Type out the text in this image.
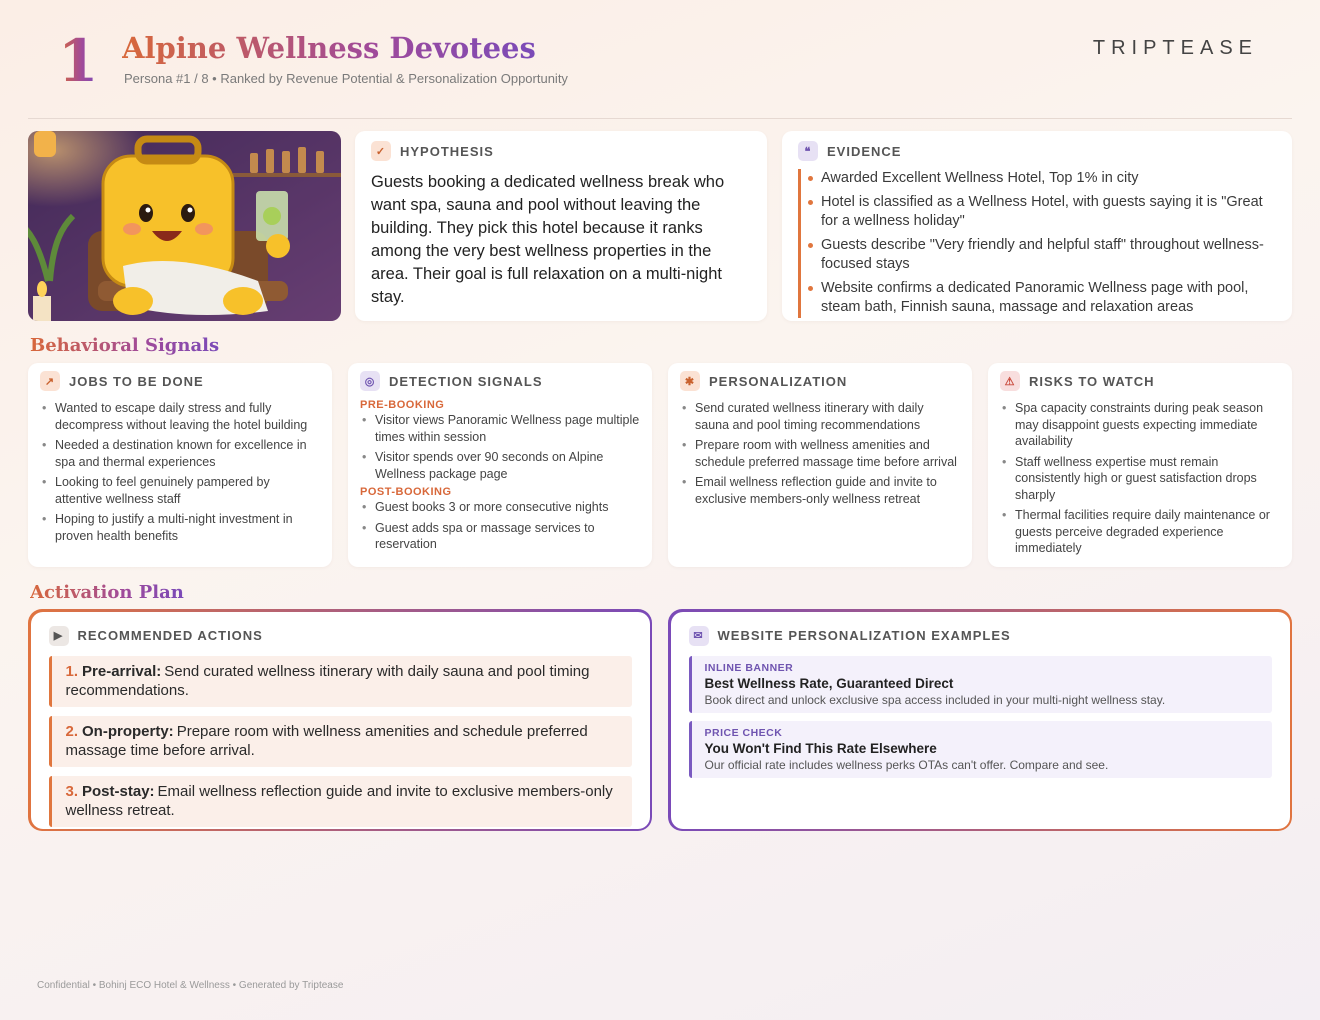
1 Alpine Wellness Devotees
Persona #1 / 8 • Ranked by Revenue Potential & Personalization Opportunity
TRIPTEASE
✓	HYPOTHESIS
Guests booking a dedicated wellness break who want spa, sauna and pool without leaving the building. They pick this hotel because it ranks among the very best wellness properties in the area. Their goal is full relaxation on a multi-night stay.
❝	EVIDENCE
Awarded Excellent Wellness Hotel, Top 1% in city
Hotel is classified as a Wellness Hotel, with guests saying it is "Great for a wellness holiday"
Guests describe "Very friendly and helpful staff" throughout wellness-focused stays
Website confirms a dedicated Panoramic Wellness page with pool, steam bath, Finnish sauna, massage and relaxation areas
Behavioral Signals
↗	JOBS TO BE DONE
• Wanted to escape daily stress and fully decompress without leaving the hotel building
• Needed a destination known for excellence in spa and thermal experiences
• Looking to feel genuinely pampered by attentive wellness staff
• Hoping to justify a multi-night investment in proven health benefits
◎	DETECTION SIGNALS
PRE-BOOKING
• Visitor views Panoramic Wellness page multiple times within session
• Visitor spends over 90 seconds on Alpine Wellness package page
POST-BOOKING
• Guest books 3 or more consecutive nights
• Guest adds spa or massage services to reservation
✱	PERSONALIZATION
• Send curated wellness itinerary with daily sauna and pool timing recommendations
• Prepare room with wellness amenities and schedule preferred massage time before arrival
• Email wellness reflection guide and invite to exclusive members-only wellness retreat
⚠	RISKS TO WATCH
• Spa capacity constraints during peak season may disappoint guests expecting immediate availability
• Staff wellness expertise must remain consistently high or guest satisfaction drops sharply
• Thermal facilities require daily maintenance or guests perceive degraded experience immediately
Activation Plan
▶	RECOMMENDED ACTIONS
1. Pre-arrival: Send curated wellness itinerary with daily sauna and pool timing recommendations.
2. On-property: Prepare room with wellness amenities and schedule preferred massage time before arrival.
3. Post-stay: Email wellness reflection guide and invite to exclusive members-only wellness retreat.
✉	WEBSITE PERSONALIZATION EXAMPLES
INLINE BANNER
Best Wellness Rate, Guaranteed Direct
Book direct and unlock exclusive spa access included in your multi-night wellness stay.
PRICE CHECK
You Won't Find This Rate Elsewhere
Our official rate includes wellness perks OTAs can't offer. Compare and see.
Confidential • Bohinj ECO Hotel & Wellness • Generated by Triptease
